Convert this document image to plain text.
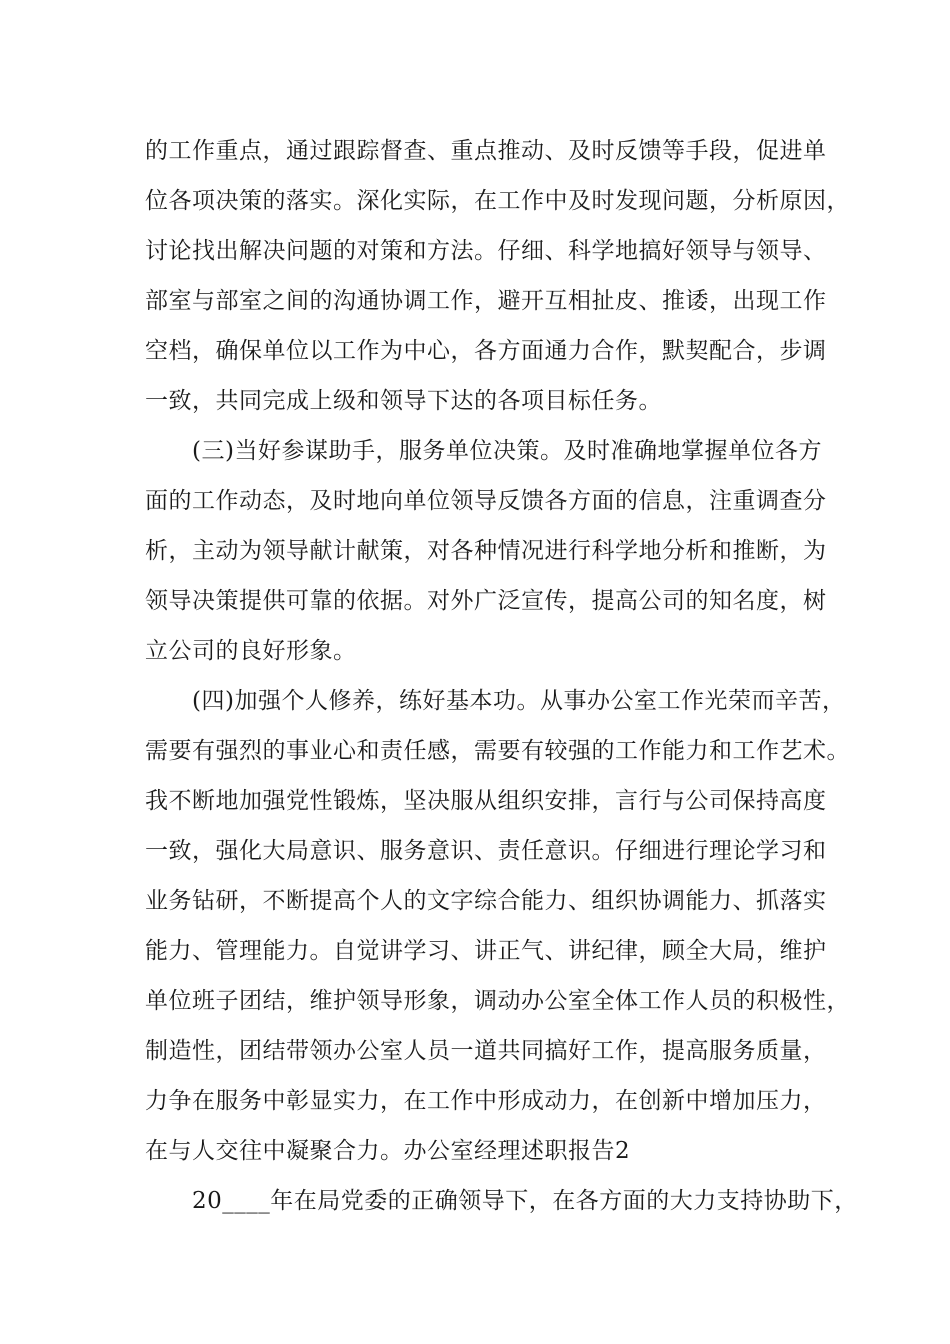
的工作重点，通过跟踪督查、重点推动、及时反馈等手段，促进单
位各项决策的落实。深化实际，在工作中及时发现问题，分析原因，
讨论找出解决问题的对策和方法。仔细、科学地搞好领导与领导、
部室与部室之间的沟通协调工作，避开互相扯皮、推诿，出现工作
空档，确保单位以工作为中心，各方面通力合作，默契配合，步调
一致，共同完成上级和领导下达的各项目标任务。
(三)当好参谋助手，服务单位决策。及时准确地掌握单位各方
面的工作动态，及时地向单位领导反馈各方面的信息，注重调查分
析，主动为领导献计献策，对各种情况进行科学地分析和推断，为
领导决策提供可靠的依据。对外广泛宣传，提高公司的知名度，树
立公司的良好形象。
(四)加强个人修养，练好基本功。从事办公室工作光荣而辛苦，
需要有强烈的事业心和责任感，需要有较强的工作能力和工作艺术。
我不断地加强党性锻炼，坚决服从组织安排，言行与公司保持高度
一致，强化大局意识、服务意识、责任意识。仔细进行理论学习和
业务钻研，不断提高个人的文字综合能力、组织协调能力、抓落实
能力、管理能力。自觉讲学习、讲正气、讲纪律，顾全大局，维护
单位班子团结，维护领导形象，调动办公室全体工作人员的积极性，
制造性，团结带领办公室人员一道共同搞好工作，提高服务质量，
力争在服务中彰显实力，在工作中形成动力，在创新中增加压力，
在与人交往中凝聚合力。办公室经理述职报告2
20____年在局党委的正确领导下，在各方面的大力支持协助下，
